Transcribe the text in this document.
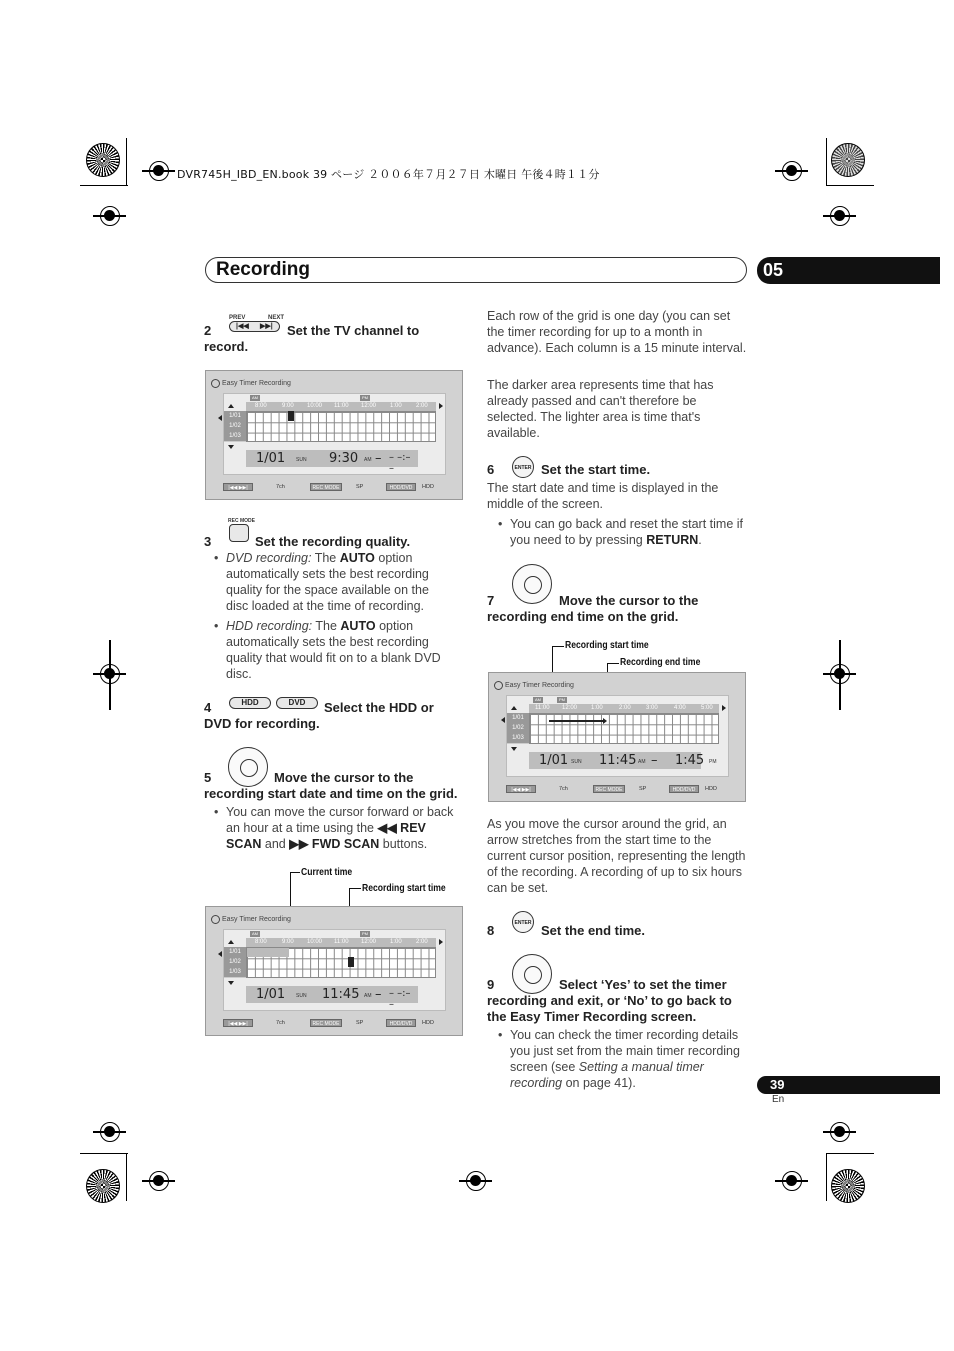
DVR745H_IBD_EN.book 39 ページ ２００６年７月２７日 木曜日 午後４時１１分
Recording	05
PREV	NEXT
|◀◀ ▶▶|
2	Set the TV channel to record.
Easy Timer Recording
AM	PM
8:00	9:00 10:00 11:00 12:00 1:00 2:00
1/01
1/02
1/03
1/01 SUN 9:30 AM – – –:– –
|◀◀ ▶▶|	7ch	REC MODE	SP	HDD/DVD	HDD
REC MODE
3	Set the recording quality.
• DVD recording: The AUTO option automatically sets the best recording quality for the space available on the disc loaded at the time of recording.
• HDD recording: The AUTO option automatically sets the best recording quality that would fit on to a blank DVD disc.
HDD	DVD
4	Select the HDD or DVD for recording.
5	Move the cursor to the recording start date and time on the grid.
• You can move the cursor forward or back an hour at a time using the ◀◀ REV SCAN and ▶▶ FWD SCAN buttons.
Current time
Recording start time
Easy Timer Recording
AM	PM
8:00	9:00 10:00 11:00 12:00 1:00 2:00
1/01
1/02
1/03
1/01 SUN 11:45 AM – – –:– –
|◀◀ ▶▶|	7ch	REC MODE	SP	HDD/DVD	HDD
Each row of the grid is one day (you can set the timer recording for up to a month in advance). Each column is a 15 minute interval.
The darker area represents time that has already passed and can't therefore be selected. The lighter area is time that's available.
ENTER
6	Set the start time.
The start date and time is displayed in the middle of the screen.
• You can go back and reset the start time if you need to by pressing RETURN.
7	Move the cursor to the recording end time on the grid.
Recording start time
Recording end time
Easy Timer Recording
AM	PM
11:00 12:00 1:00	2:00	3:00	4:00	5:00
1/01
1/02
1/03
1/01 SUN 11:45 AM – 1:45 PM
|◀◀ ▶▶|	7ch	REC MODE	SP	HDD/DVD	HDD
As you move the cursor around the grid, an arrow stretches from the start time to the current cursor position, representing the length of the recording. A recording of up to six hours can be set.
ENTER
8	Set the end time.
9	Select ‘Yes’ to set the timer recording and exit, or ‘No’ to go back to the Easy Timer Recording screen.
• You can check the timer recording details you just set from the main timer recording screen (see Setting a manual timer recording on page 41).	39
En
